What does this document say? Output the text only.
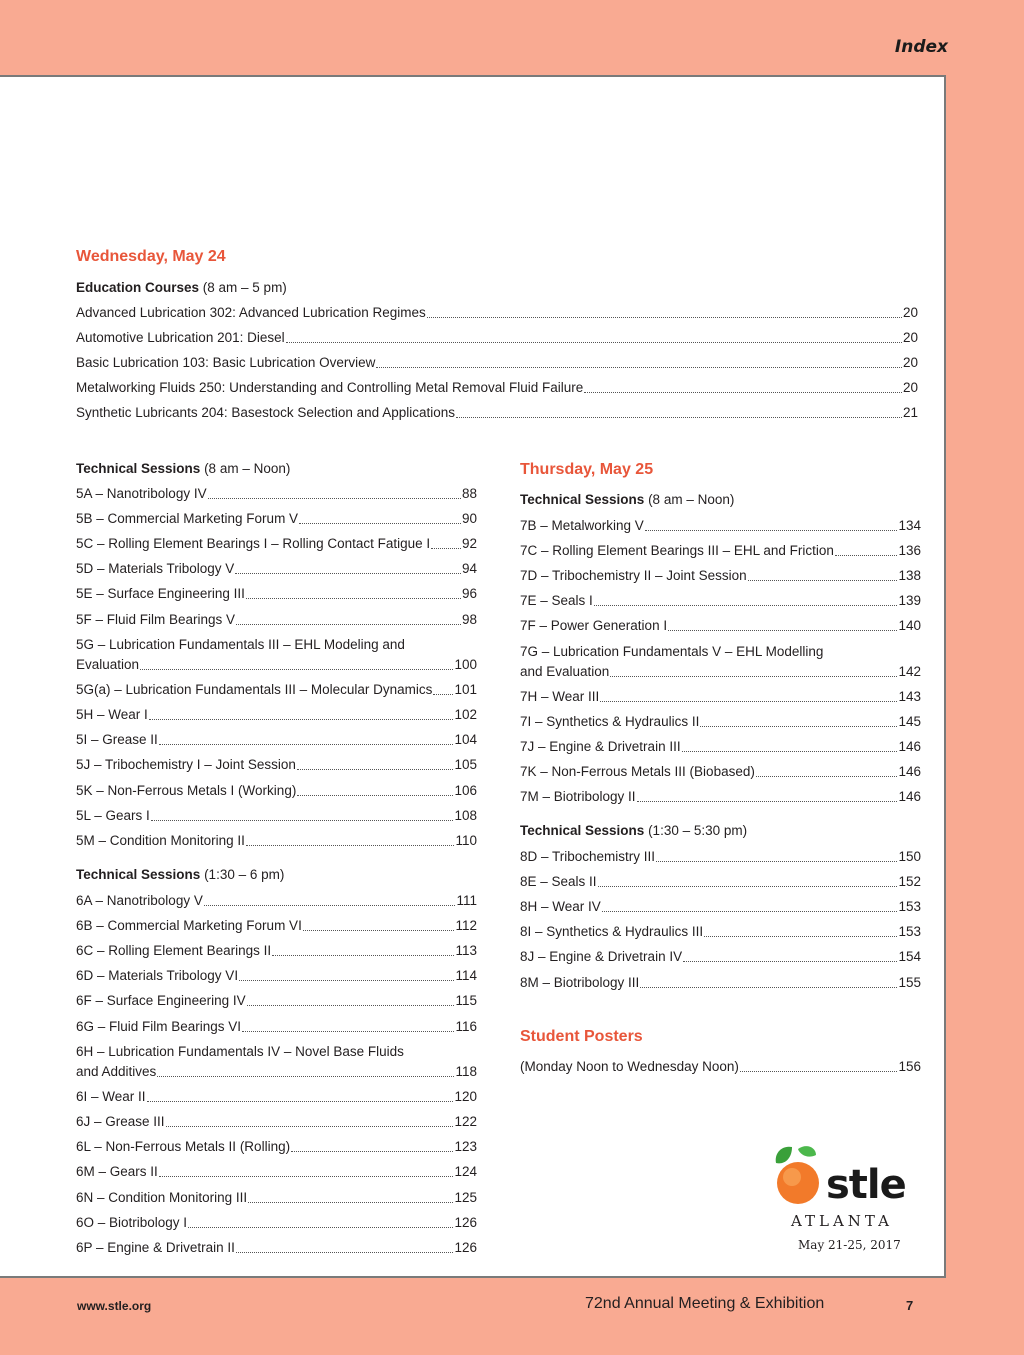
Index
Wednesday, May 24
Education Courses (8 am – 5 pm)
Advanced Lubrication 302: Advanced Lubrication Regimes	20
Automotive Lubrication 201: Diesel	20
Basic Lubrication 103: Basic Lubrication Overview	20
Metalworking Fluids 250: Understanding and Controlling Metal Removal Fluid Failure	20
Synthetic Lubricants 204: Basestock Selection and Applications	21
Technical Sessions (8 am – Noon)
5A – Nanotribology IV	88
5B – Commercial Marketing Forum V	90
5C – Rolling Element Bearings I – Rolling Contact Fatigue I 92
5D – Materials Tribology V	94
5E – Surface Engineering III	96
5F – Fluid Film Bearings V	98
5G – Lubrication Fundamentals III – EHL Modeling and
Evaluation	100
5G(a) – Lubrication Fundamentals III – Molecular Dynamics 101
5H – Wear I	102
5I – Grease II	104
5J – Tribochemistry I – Joint Session	105
5K – Non-Ferrous Metals I (Working)	106
5L – Gears I	108
5M – Condition Monitoring II	110
Technical Sessions (1:30 – 6 pm)
6A – Nanotribology V	111
6B – Commercial Marketing Forum VI	112
6C – Rolling Element Bearings II	113
6D – Materials Tribology VI	114
6F – Surface Engineering IV	115
6G – Fluid Film Bearings VI	116
6H – Lubrication Fundamentals IV – Novel Base Fluids
and Additives	118
6I – Wear II	120
6J – Grease III	122
6L – Non-Ferrous Metals II (Rolling)	123
6M – Gears II	124
6N – Condition Monitoring III	125
6O – Biotribology I	126
6P – Engine & Drivetrain II	126
Thursday, May 25
Technical Sessions (8 am – Noon)
7B – Metalworking V	134
7C – Rolling Element Bearings III – EHL and Friction	136
7D – Tribochemistry II – Joint Session	138
7E – Seals I	139
7F – Power Generation I	140
7G – Lubrication Fundamentals V – EHL Modelling
and Evaluation	142
7H – Wear III	143
7I – Synthetics & Hydraulics II	145
7J – Engine & Drivetrain III	146
7K – Non-Ferrous Metals III (Biobased)	146
7M – Biotribology II	146
Technical Sessions (1:30 – 5:30 pm)
8D – Tribochemistry III	150
8E – Seals II	152
8H – Wear IV	153
8I – Synthetics & Hydraulics III	153
8J – Engine & Drivetrain IV	154
8M – Biotribology III	155
Student Posters
(Monday Noon to Wednesday Noon)	156
stle
ATLANTA
May 21-25, 2017
www.stle.org	72nd Annual Meeting & Exhibition	7
